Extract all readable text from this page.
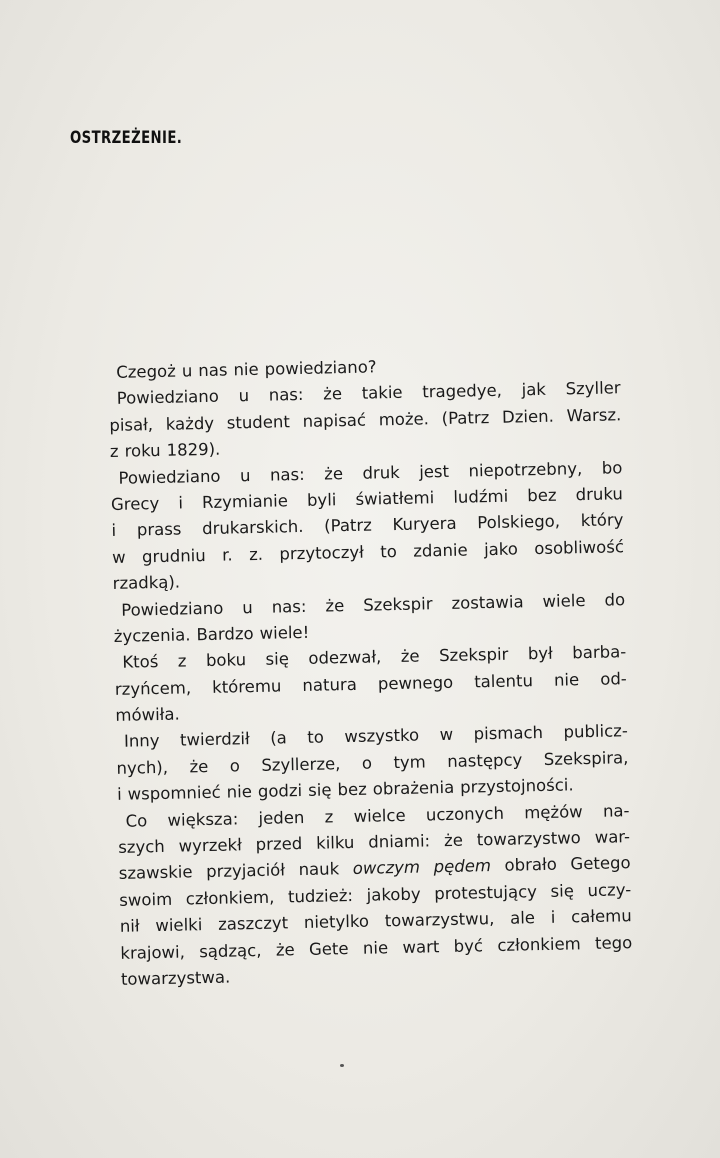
OSTRZEŻENIE.
Czegoż u nas nie powiedziano?
Powiedziano u nas: że takie tragedye, jak Szyller
pisał, każdy student napisać może. (Patrz Dzien. Warsz.
z roku 1829).
Powiedziano u nas: że druk jest niepotrzebny, bo
Grecy i Rzymianie byli światłemi ludźmi bez druku
i prass drukarskich. (Patrz Kuryera Polskiego, który
w grudniu r. z. przytoczył to zdanie jako osobliwość
rzadką).
Powiedziano u nas: że Szekspir zostawia wiele do
życzenia. Bardzo wiele!
Ktoś z boku się odezwał, że Szekspir był barba-
rzyńcem, któremu natura pewnego talentu nie od-
mówiła.
Inny twierdził (a to wszystko w pismach publicz-
nych), że o Szyllerze, o tym następcy Szekspira,
i wspomnieć nie godzi się bez obrażenia przystojności.
Co większa: jeden z wielce uczonych mężów na-
szych wyrzekł przed kilku dniami: że towarzystwo war-
szawskie przyjaciół nauk owczym pędem obrało Getego
swoim członkiem, tudzież: jakoby protestujący się uczy-
nił wielki zaszczyt nietylko towarzystwu, ale i całemu
krajowi, sądząc, że Gete nie wart być członkiem tego
towarzystwa.
